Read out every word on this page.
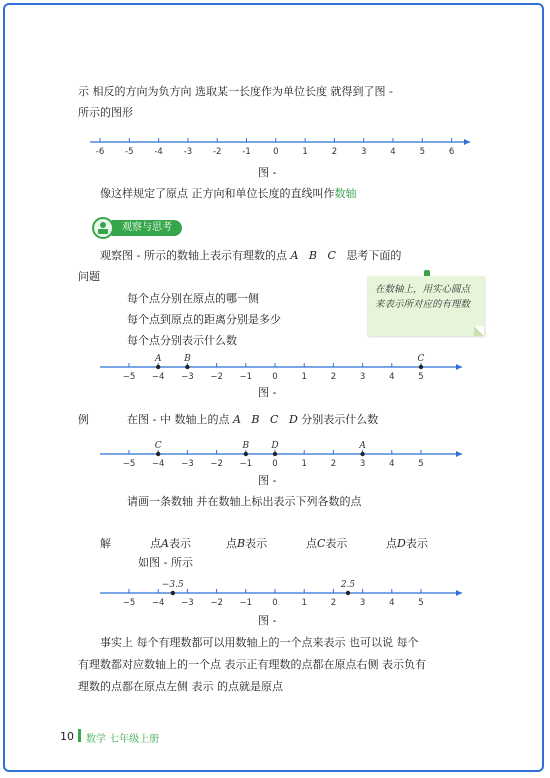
示 相反的方向为负方向 选取某一长度作为单位长度 就得到了图 -
所示的图形
-6 -5 -4 -3 -2 -1	0	1	2	3	4	5	6
−5 −4 −3 −2 −1 0	1	2	3	4	5
A	B	C
−5 −4 −3 −2 −1 0	1	2	3	4	5
C	B D	A
−5 −4 −3 −2 −1 0	1	2	3	4	5
−3.5	2.5
图 -
像这样规定了原点 正方向和单位长度的直线叫作数轴
观察与思考
观察图 - 所示的数轴上表示有理数的点 A B C 思考下面的
问题
每个点分别在原点的哪一侧
每个点到原点的距离分别是多少
每个点分别表示什么数
在数轴上，用实心圆点来表示所对应的有理数
图 -
例	在图 - 中 数轴上的点 A B C D 分别表示什么数
图 -
请画一条数轴 并在数轴上标出表示下列各数的点
解	点A表示	点B表示	点C表示	点D表示
如图 - 所示
图 -
事实上 每个有理数都可以用数轴上的一个点来表示 也可以说 每个
有理数都对应数轴上的一个点 表示正有理数的点都在原点右侧 表示负有
理数的点都在原点左侧 表示 的点就是原点
10 数学 七年级上册
